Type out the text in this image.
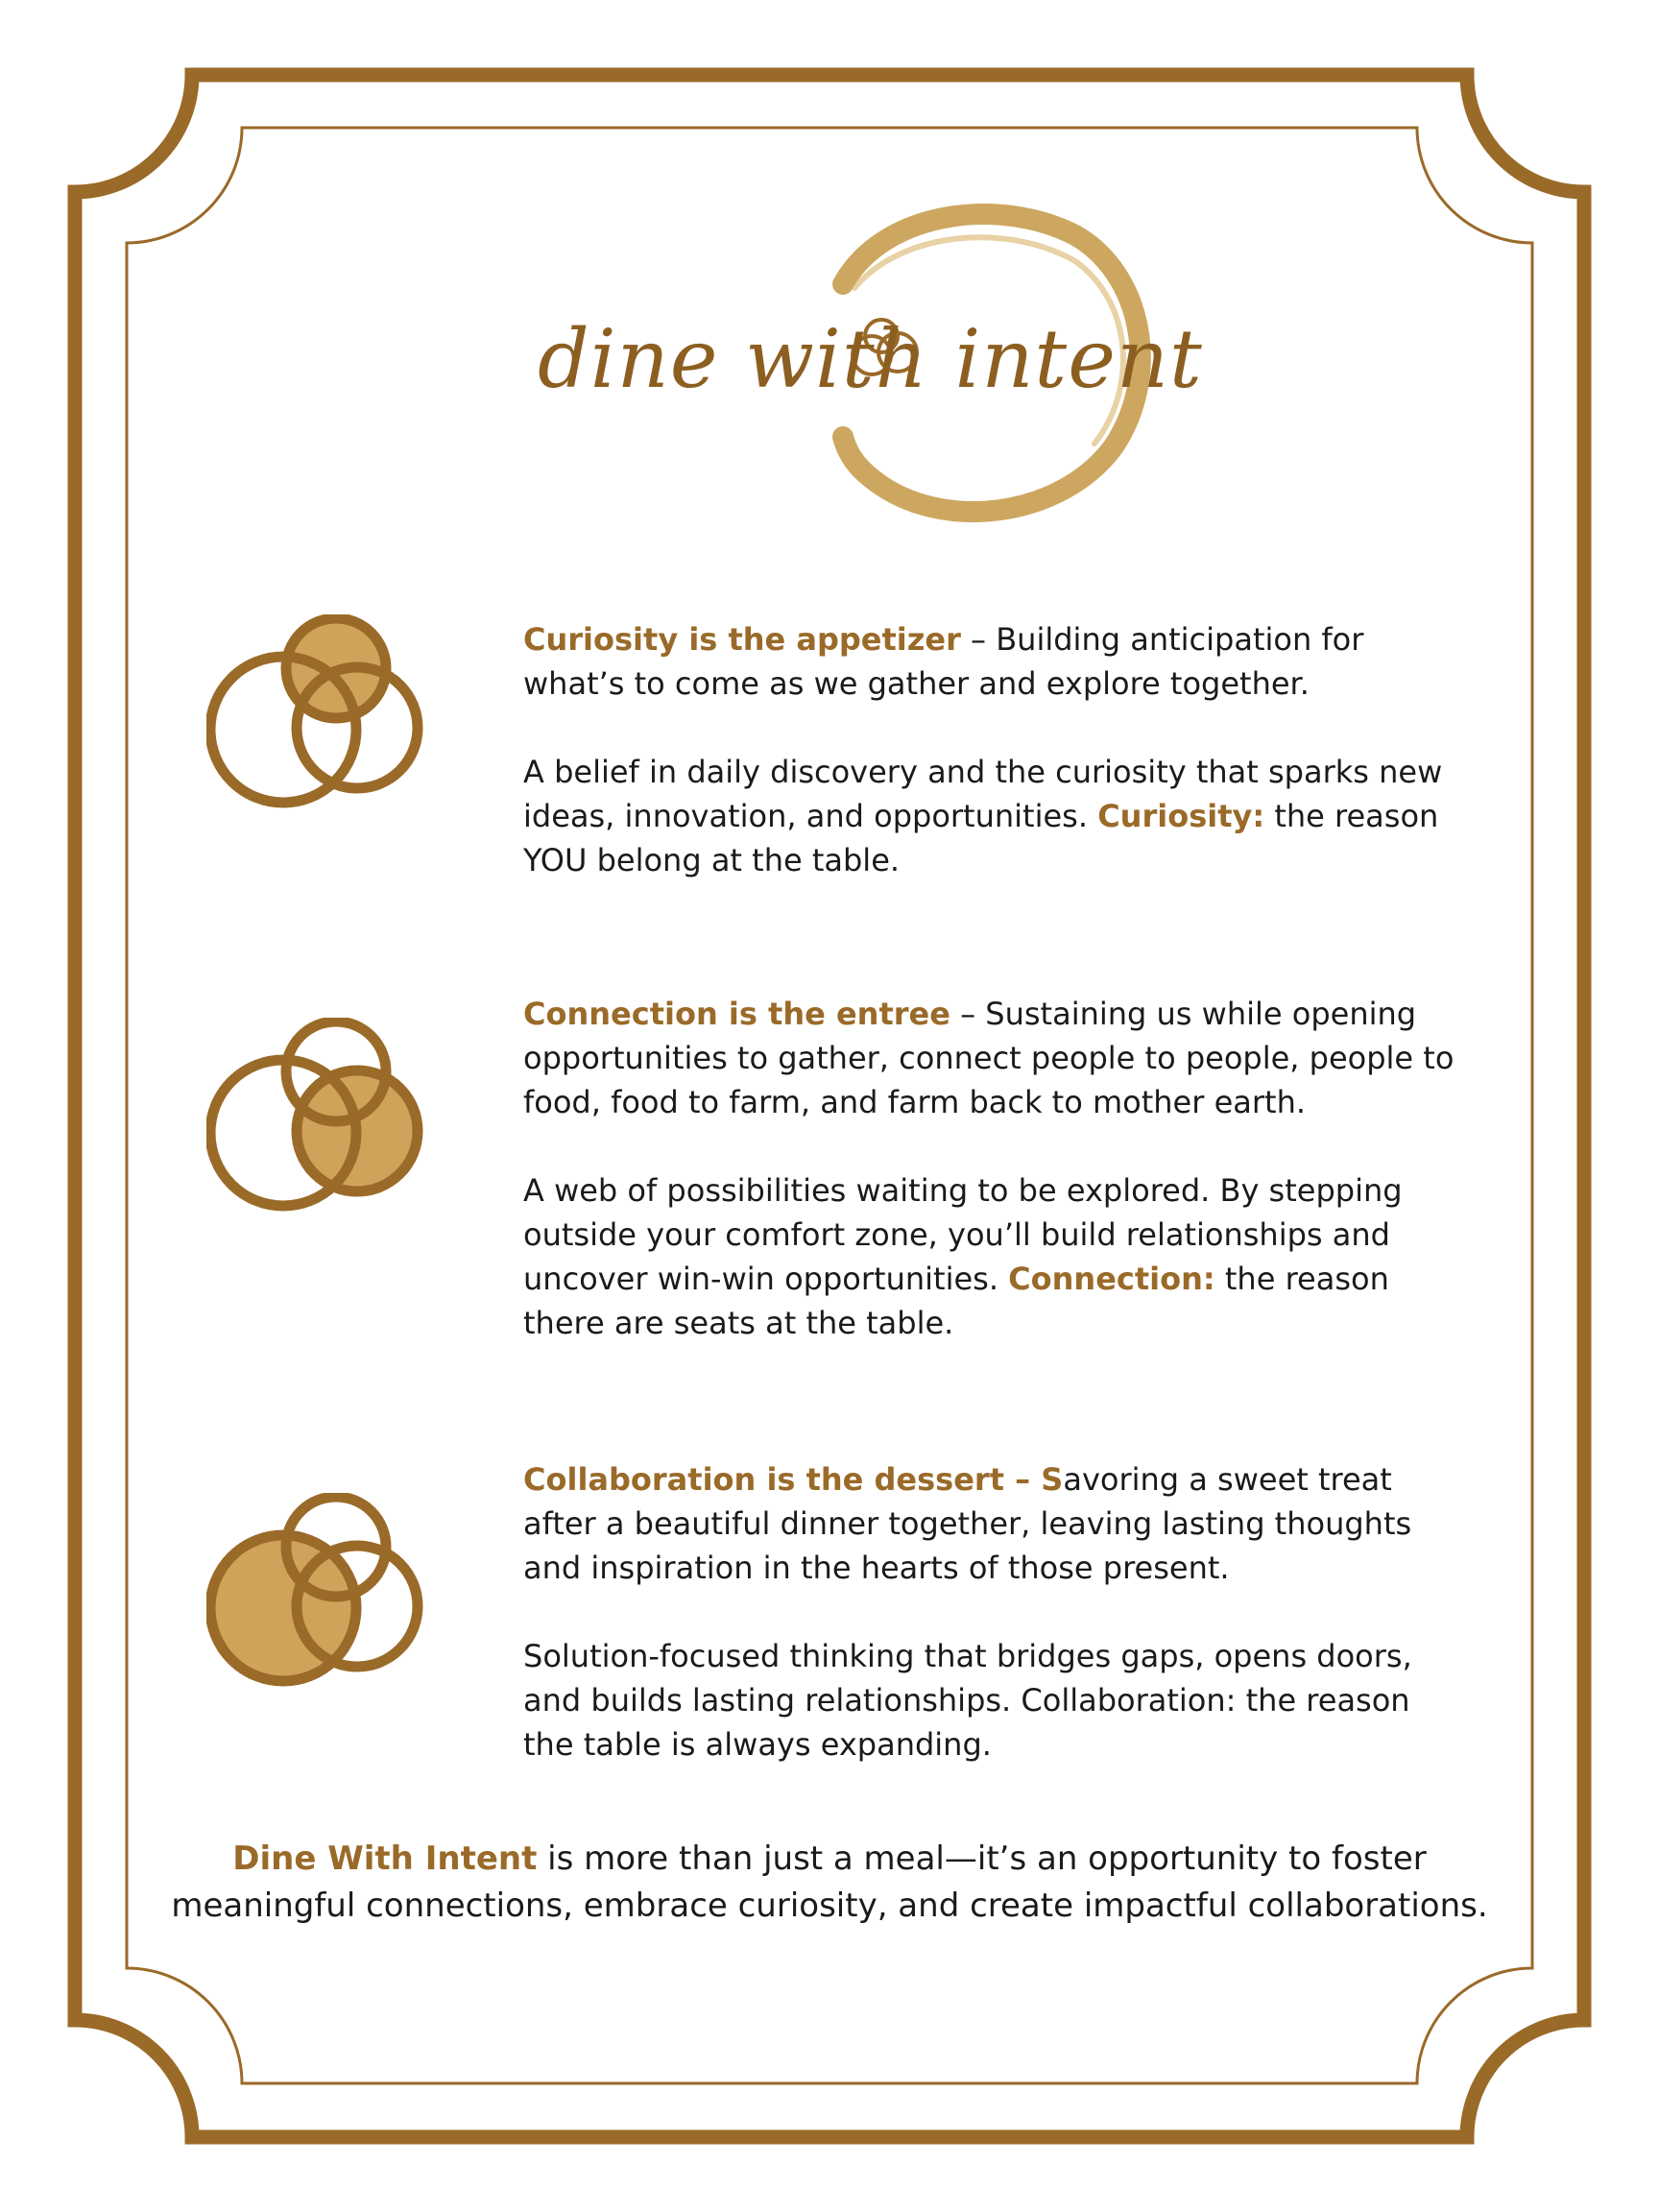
dine with intent

Curiosity is the appetizer – Building anticipation for what’s to come as we gather and explore together.

A belief in daily discovery and the curiosity that sparks new ideas, innovation, and opportunities. Curiosity: the reason YOU belong at the table.

Connection is the entree – Sustaining us while opening opportunities to gather, connect people to people, people to food, food to farm, and farm back to mother earth.

A web of possibilities waiting to be explored. By stepping outside your comfort zone, you’ll build relationships and uncover win-win opportunities. Connection: the reason there are seats at the table.

Collaboration is the dessert – Savoring a sweet treat after a beautiful dinner together, leaving lasting thoughts and inspiration in the hearts of those present.

Solution-focused thinking that bridges gaps, opens doors, and builds lasting relationships. Collaboration: the reason the table is always expanding.

Dine With Intent is more than just a meal—it’s an opportunity to foster meaningful connections, embrace curiosity, and create impactful collaborations.
